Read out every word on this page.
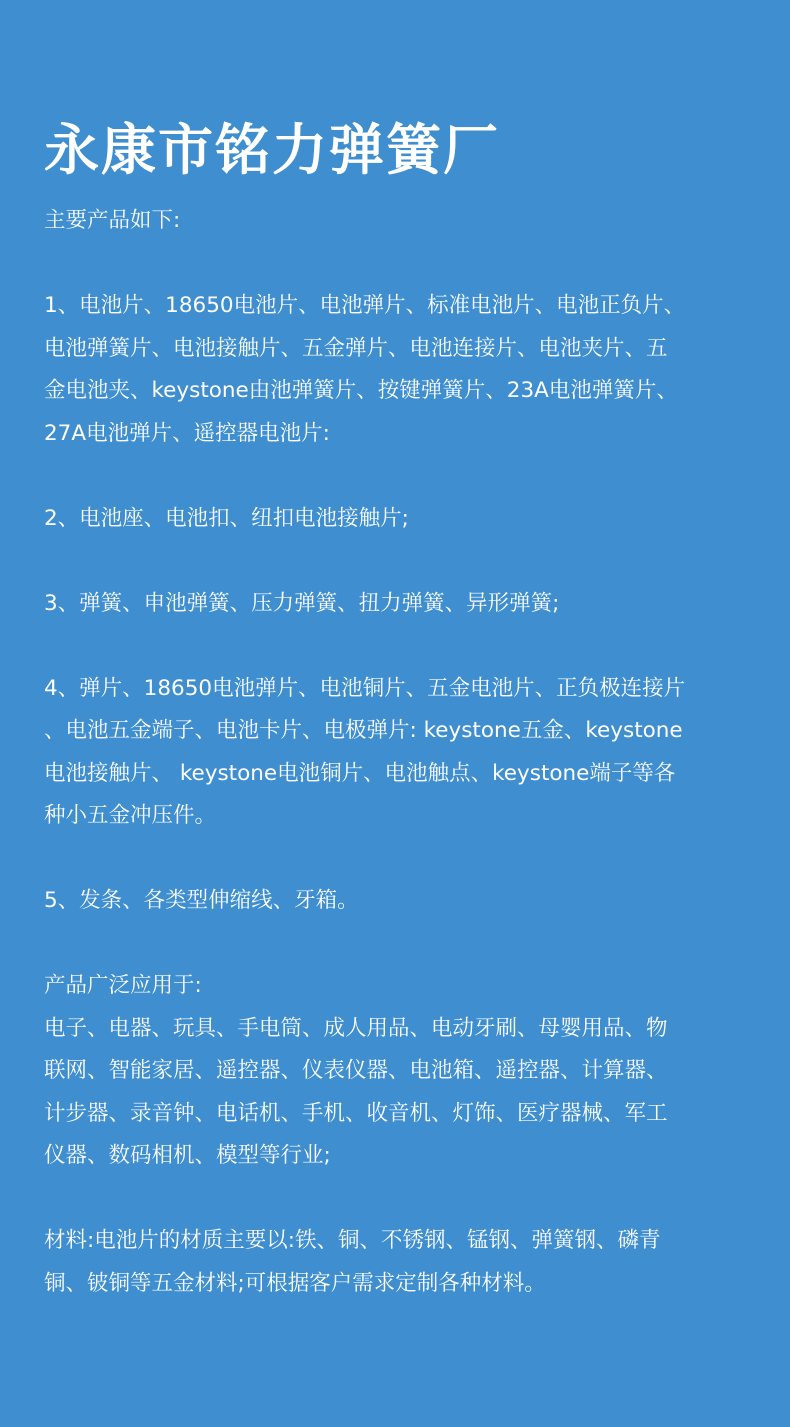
永康市铭力弹簧厂

主要产品如下:

1、电池片、18650电池片、电池弹片、标准电池片、电池正负片、
电池弹簧片、电池接触片、五金弹片、电池连接片、电池夹片、五
金电池夹、keystone由池弹簧片、按键弹簧片、23A电池弹簧片、
27A电池弹片、遥控器电池片:

2、电池座、电池扣、纽扣电池接触片;

3、弹簧、申池弹簧、压力弹簧、扭力弹簧、异形弹簧;

4、弹片、18650电池弹片、电池铜片、五金电池片、正负极连接片
、电池五金端子、电池卡片、电极弹片: keystone五金、keystone
电池接触片、 keystone电池铜片、电池触点、keystone端子等各
种小五金冲压件。

5、发条、各类型伸缩线、牙箱。

产品广泛应用于:

电子、电器、玩具、手电筒、成人用品、电动牙刷、母婴用品、物
联网、智能家居、遥控器、仪表仪器、电池箱、遥控器、计算器、
计步器、录音钟、电话机、手机、收音机、灯饰、医疗器械、军工
仪器、数码相机、模型等行业;

材料:电池片的材质主要以:铁、铜、不锈钢、锰钢、弹簧钢、磷青
铜、铍铜等五金材料;可根据客户需求定制各种材料。
